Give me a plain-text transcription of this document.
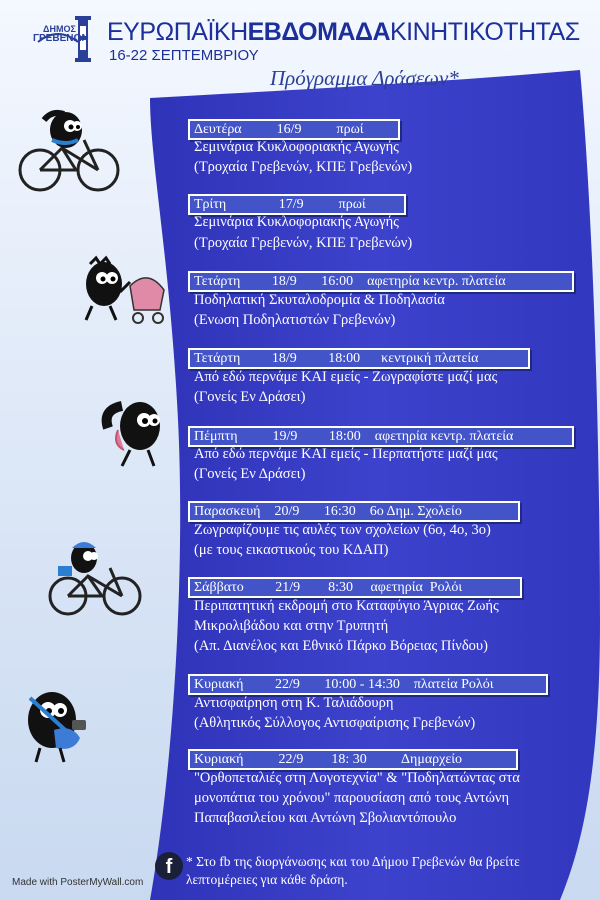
ΔΗΜΟΣ
ΓΡΕΒΕΝΩΝ ΕΥΡΩΠΑΪΚΗΕΒΔΟΜΑΔΑΚΙΝΗΤΙΚΟΤΗΤΑΣ
16-22 ΣΕΠΤΕΜΒΡΙΟΥ
Πρόγραμμα Δράσεων*
Δευτέρα          16/9          πρωί
Σεμινάρια Κυκλοφοριακής Αγωγής
(Τροχαία Γρεβενών, ΚΠΕ Γρεβενών)
Τρίτη               17/9          πρωί
Σεμινάρια Κυκλοφοριακής Αγωγής
(Τροχαία Γρεβενών, ΚΠΕ Γρεβενών)
Τετάρτη         18/9       16:00    αφετηρία κεντρ. πλατεία
Ποδηλατική Σκυταλοδρομία & Ποδηλασία
(Ενωση Ποδηλατιστών Γρεβενών)
Τετάρτη         18/9         18:00      κεντρική πλατεία
Από εδώ περνάμε ΚΑΙ εμείς - Ζωγραφίστε μαζί μας
(Γονείς Εν Δράσει)
Πέμπτη          19/9         18:00    αφετηρία κεντρ. πλατεία
Από εδώ περνάμε ΚΑΙ εμείς - Περπατήστε μαζί μας
(Γονείς Εν Δράσει)
Παρασκευή    20/9       16:30    6ο Δημ. Σχολείο
Ζωγραφίζουμε τις αυλές των σχολείων (6ο, 4ο, 3ο)
(με τους εικαστικούς του ΚΔΑΠ)
Σάββατο         21/9        8:30     αφετηρία  Ρολόι
Περιπατητική εκδρομή στο Καταφύγιο Άγριας Ζωής
Μικρολιβάδου και στην Τρυπητή
(Απ. Διανέλος και Εθνικό Πάρκο Βόρειας Πίνδου)
Κυριακή         22/9       10:00 - 14:30    πλατεία Ρολόι
Αντισφαίρηση στη Κ. Ταλιάδουρη
(Αθλητικός Σύλλογος Αντισφαίρισης Γρεβενών)
Κυριακή          22/9        18: 30          Δημαρχείο
"Ορθοπεταλιές στη Λογοτεχνία" & "Ποδηλατώντας στα
μονοπάτια του χρόνου" παρουσίαση από τους Αντώνη
Παπαβασιλείου και Αντώνη Σβολιαντόπουλο
f	* Στο fb της διοργάνωσης και του Δήμου Γρεβενών θα βρείτε
λεπτομέρειες για κάθε δράση.
Made with PosterMyWall.com
